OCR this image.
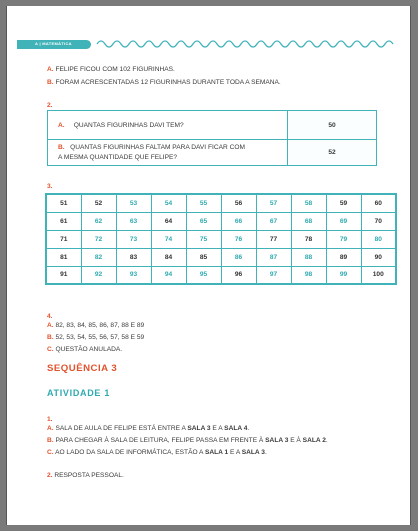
A | MATEMÁTICA
A. FELIPE FICOU COM 102 FIGURINHAS.
B. FORAM ACRESCENTADAS 12 FIGURINHAS DURANTE TODA A SEMANA.
2.
A. QUANTAS FIGURINHAS DAVI TEM?	50
B. QUANTAS FIGURINHAS FALTAM PARA DAVI FICAR COM
A MESMA QUANTIDADE QUE FELIPE?	52
3.
51	52	53	54	55	56	57	58	59	60
61	62	63	64	65	66	67	68	69	70
71	72	73	74	75	76	77	78	79	80
81	82	83	84	85	86	87	88	89	90
91	92	93	94	95	96	97	98	99	100
4.
A. 82, 83, 84, 85, 86, 87, 88 E 89
B. 52, 53, 54, 55, 56, 57, 58 E 59
C. QUESTÃO ANULADA.
SEQUÊNCIA 3
ATIVIDADE 1
1.
A. SALA DE AULA DE FELIPE ESTÁ ENTRE A SALA 3 E A SALA 4.
B. PARA CHEGAR À SALA DE LEITURA, FELIPE PASSA EM FRENTE À SALA 3 E À SALA 2.
C. AO LADO DA SALA DE INFORMÁTICA, ESTÃO A SALA 1 E A SALA 3.
2. RESPOSTA PESSOAL.
